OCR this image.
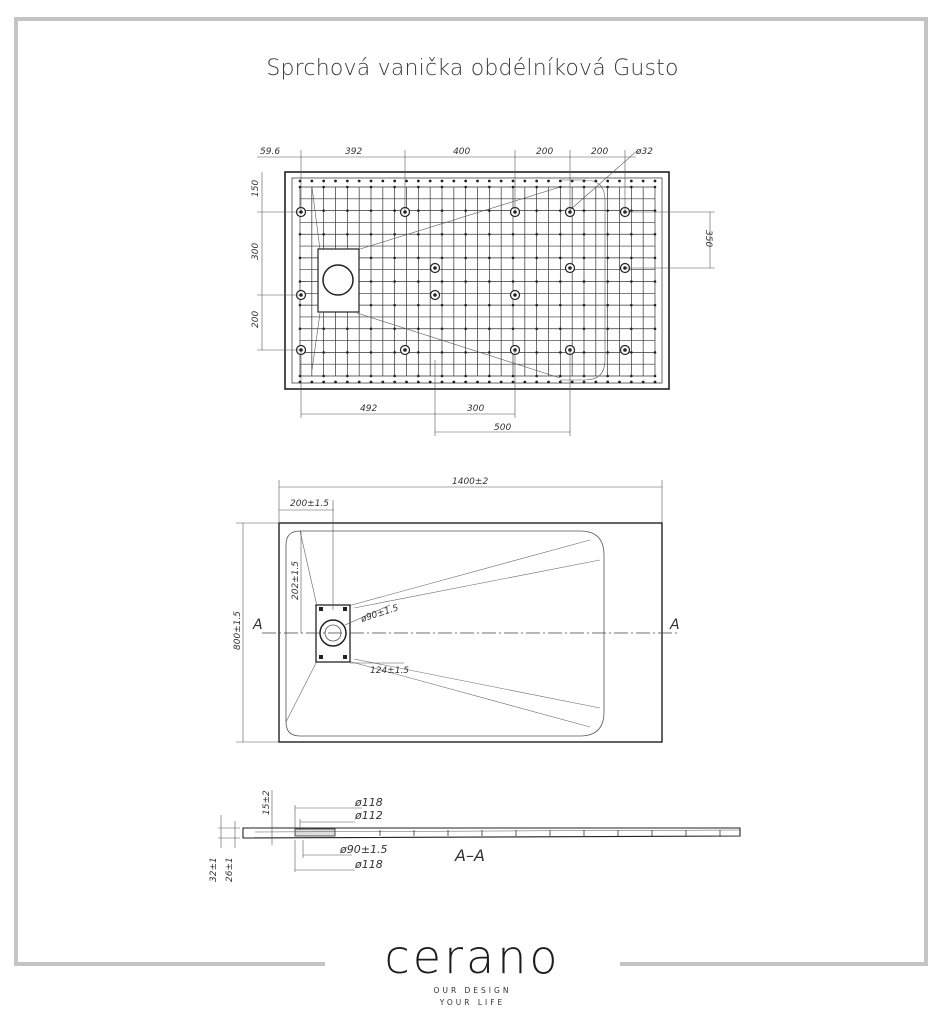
59.6	392	400	200	200	ø32
150
300
200
350
492	300
500
A	A
1400±2
200±1.5
800±1.5
202±1.5
ø90±1.5
124±1.5
ø118
ø112
ø90±1.5
ø118
15±2
32±1 26±1
A–A
Sprchová vanička obdélníková Gusto
cerano
OUR DESIGN
YOUR LIFE
